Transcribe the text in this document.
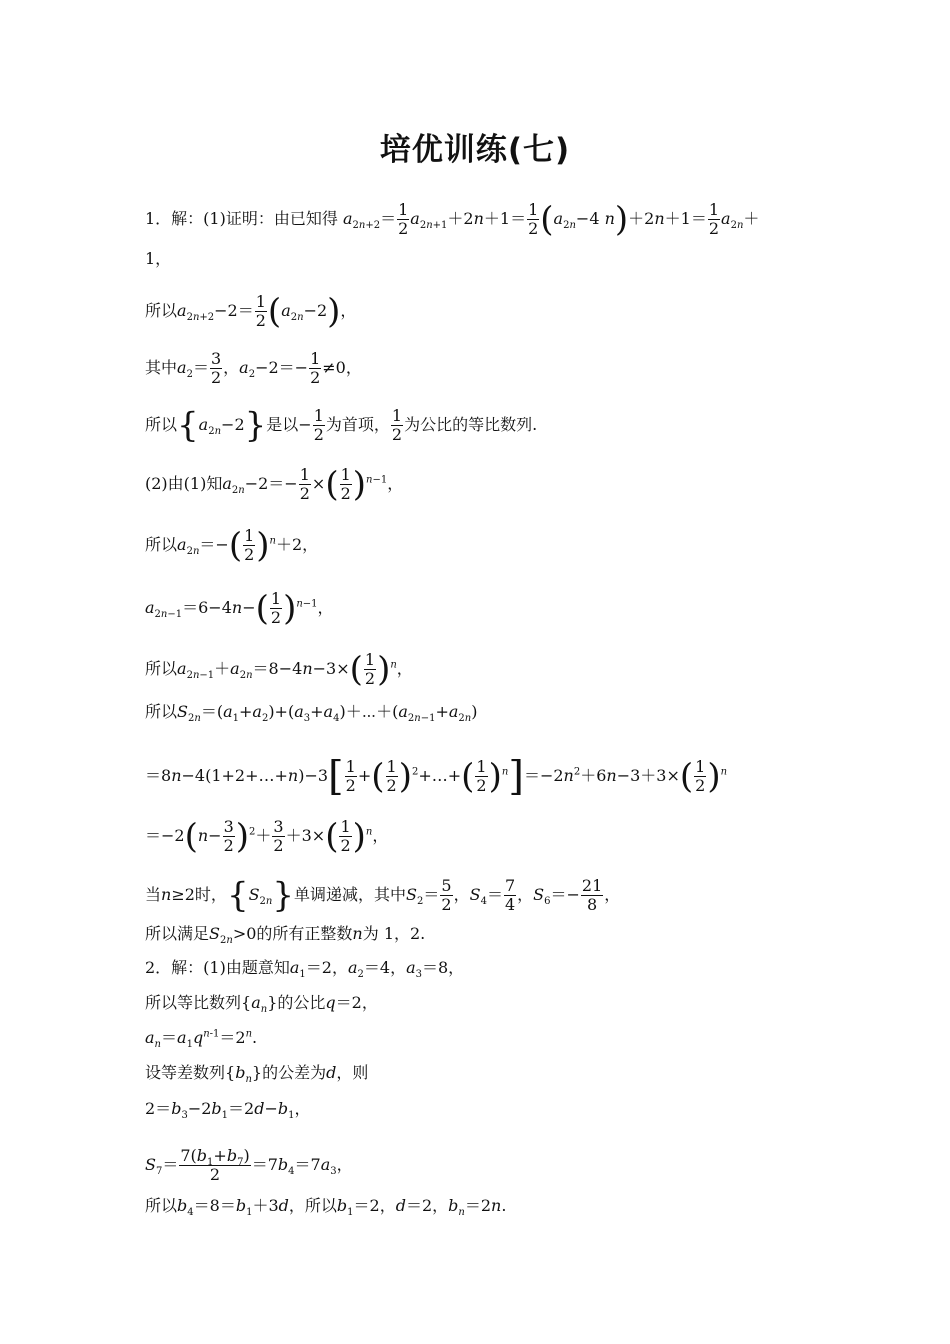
培优训练(七)
1．解：(1)证明：由已知得 $a_{2n+2}= \frac{1}{2} a_{2n+1}+2n+1= \frac{1}{2} (a_{2n}-4$ $n)+2n+1= \frac{1}{2} a_{2n}+$
1，
所以$a_{2n+2}-2= \frac{1}{2} (a_{2n}-2)$，
其中$a_2= \frac{3}{2}$ ，$a_2-2=- \frac{1}{2} \ne 0$，
所以$\{a_{2n}-2\}$是以− $\frac{1}{2}$ 为首项， $\frac{1}{2}$ 为公比的等比数列.
(2)由(1)知$a_{2n}-2=- \frac{1}{2}$ ×( $\frac{1}{2} )^{n-1}$，
所以$a_{2n}=-( \frac{1}{2} )^n+2$，
$a_{2n-1}=6-4n-( \frac{1}{2} )^{n-1}$，
所以$a_{2n-1}+a_{2n}=8-4n-3\times( \frac{1}{2} )^n$，
所以$S_{2n}=(a_1+a_2)+(a_3+a_4)+\cdots+(a_{2n-1}+a_{2n})$
＝8n−4(1+2+…+n)−3[ $\frac{1}{2}$ +( $\frac{1}{2}$ )$^2$+…+( $\frac{1}{2} )^n]=-2n^2+6n-3+3\times( \frac{1}{2} )^n$
$=-2(n- \frac{3}{2} )^2+ \frac{3}{2} +3\times( \frac{1}{2} )^n$，
当n≥2时，$\{S_{2n}\}$单调递减，其中$S_2= \frac{5}{2}$ ，$S_4= \frac{7}{4}$ ，$S_6=- \frac{21}{8}$ ，
所以满足$S_{2n}>0$的所有正整数n为 1，2.
2．解：(1)由题意知$a_1=2$，$a_2=4$，$a_3=8$，
所以等比数列$\{a_n\}$的公比q＝2，
$a_n=a_1q^{n-1}=2^n$.
设等差数列$\{b_n\}$的公差为d，则
$2=b_3-2b_1=2d-b_1$，
$S_7= \frac{7(b_1+b_7)}{2} =7b_4=7a_3$，
所以$b_4=8=b_1+3d$，所以$b_1=2$，d＝2，$b_n=2n$.
